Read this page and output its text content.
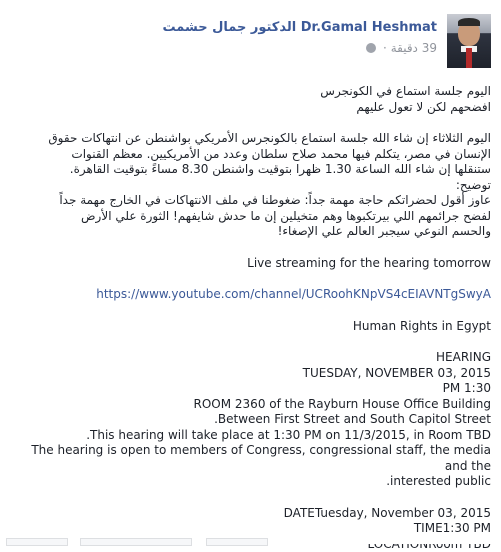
Dr.Gamal Heshmat الدكتور جمال حشمت
39 دقيقة ·

اليوم جلسة استماع في الكونجرس

افضحهم لكن لا تعول عليهم

اليوم الثلاثاء إن شاء الله جلسة استماع بالكونجرس الأمريكي بواشنطن عن انتهاكات حقوق

الإنسان في مصر، يتكلم فيها محمد صلاح سلطان وعدد من الأمريكيين. معظم القنوات

ستنقلها إن شاء الله الساعة 1.30 ظهرا بتوقيت واشنطن 8.30 مساءً بتوقيت القاهرة.

توضيح:

عاوز أقول لحضراتكم حاجة مهمة جداً: ضغوطنا في ملف الانتهاكات في الخارج مهمة جداً

لفضح جرائمهم اللي بيرتكبوها وهم متخيلين إن ما حدش شايفهم! الثورة علي الأرض

والحسم النوعي سيجبر العالم علي الإصغاء!

Live streaming for the hearing tomorrow

https://www.youtube.com/channel/UCRoohKNpVS4cEIAVNTgSwyA

Human Rights in Egypt

HEARING

TUESDAY, NOVEMBER 03, 2015

PM 1:30

ROOM 2360 of the Rayburn House Office Building

.Between First Street and South Capitol Street

.This hearing will take place at 1:30 PM on 11/3/2015, in Room TBD

The hearing is open to members of Congress, congressional staff, the media and the

.interested public

DATETuesday, November 03, 2015

TIME1:30 PM
